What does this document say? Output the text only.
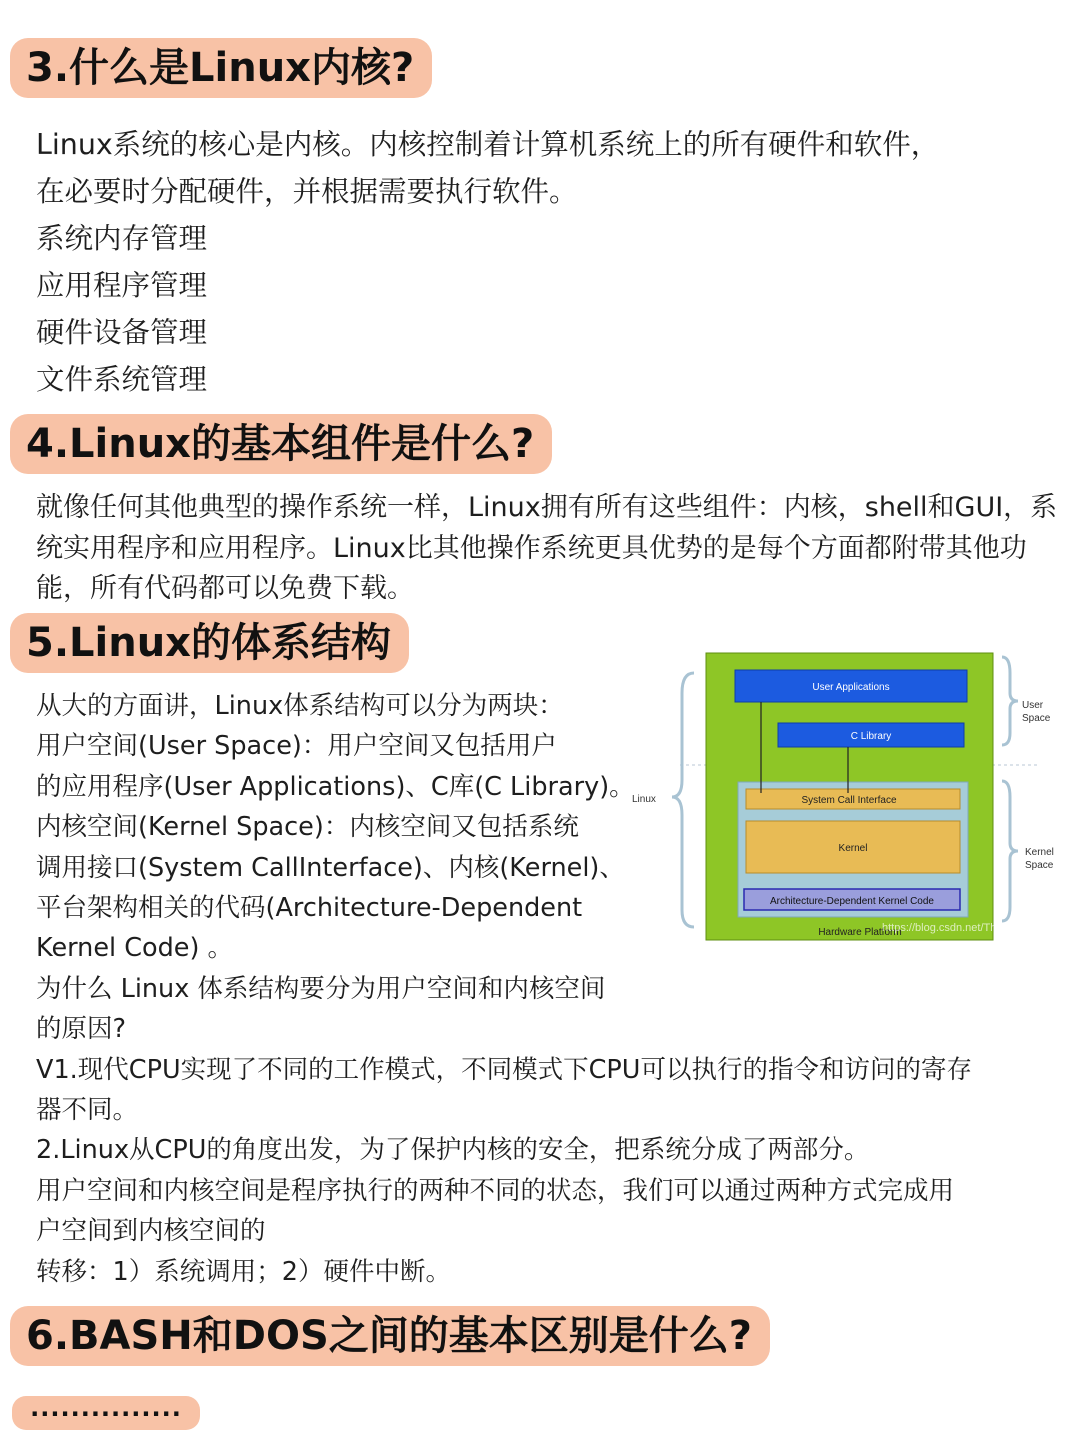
3.什么是Linux内核?
Linux系统的核心是内核。内核控制着计算机系统上的所有硬件和软件，
在必要时分配硬件，并根据需要执行软件。
系统内存管理
应用程序管理
硬件设备管理
文件系统管理
4.Linux的基本组件是什么?
就像任何其他典型的操作系统一样，Linux拥有所有这些组件：内核，shell和GUI，系
统实用程序和应用程序。Linux比其他操作系统更具优势的是每个方面都附带其他功
能，所有代码都可以免费下载。
5.Linux的体系结构
从大的方面讲，Linux体系结构可以分为两块：
用户空间(User Space)：用户空间又包括用户
的应用程序(User Applications)、C库(C Library)。
内核空间(Kernel Space)：内核空间又包括系统
调用接口(System CallInterface)、内核(Kernel)、
平台架构相关的代码(Architecture-Dependent
Kernel Code) 。
为什么 Linux 体系结构要分为用户空间和内核空间
的原因?
V1.现代CPU实现了不同的工作模式，不同模式下CPU可以执行的指令和访问的寄存
器不同。
2.Linux从CPU的角度出发，为了保护内核的安全，把系统分成了两部分。
用户空间和内核空间是程序执行的两种不同的状态，我们可以通过两种方式完成用
户空间到内核空间的
转移：1）系统调用；2）硬件中断。
Linux
User Applications
C Library
System Call Interface
Kernel
Architecture-Dependent Kernel Code
Hardware Platform
User
Space
Kernel
Space
https://blog.csdn.net/ThinkWo
6.BASH和DOS之间的基本区别是什么?
...............
